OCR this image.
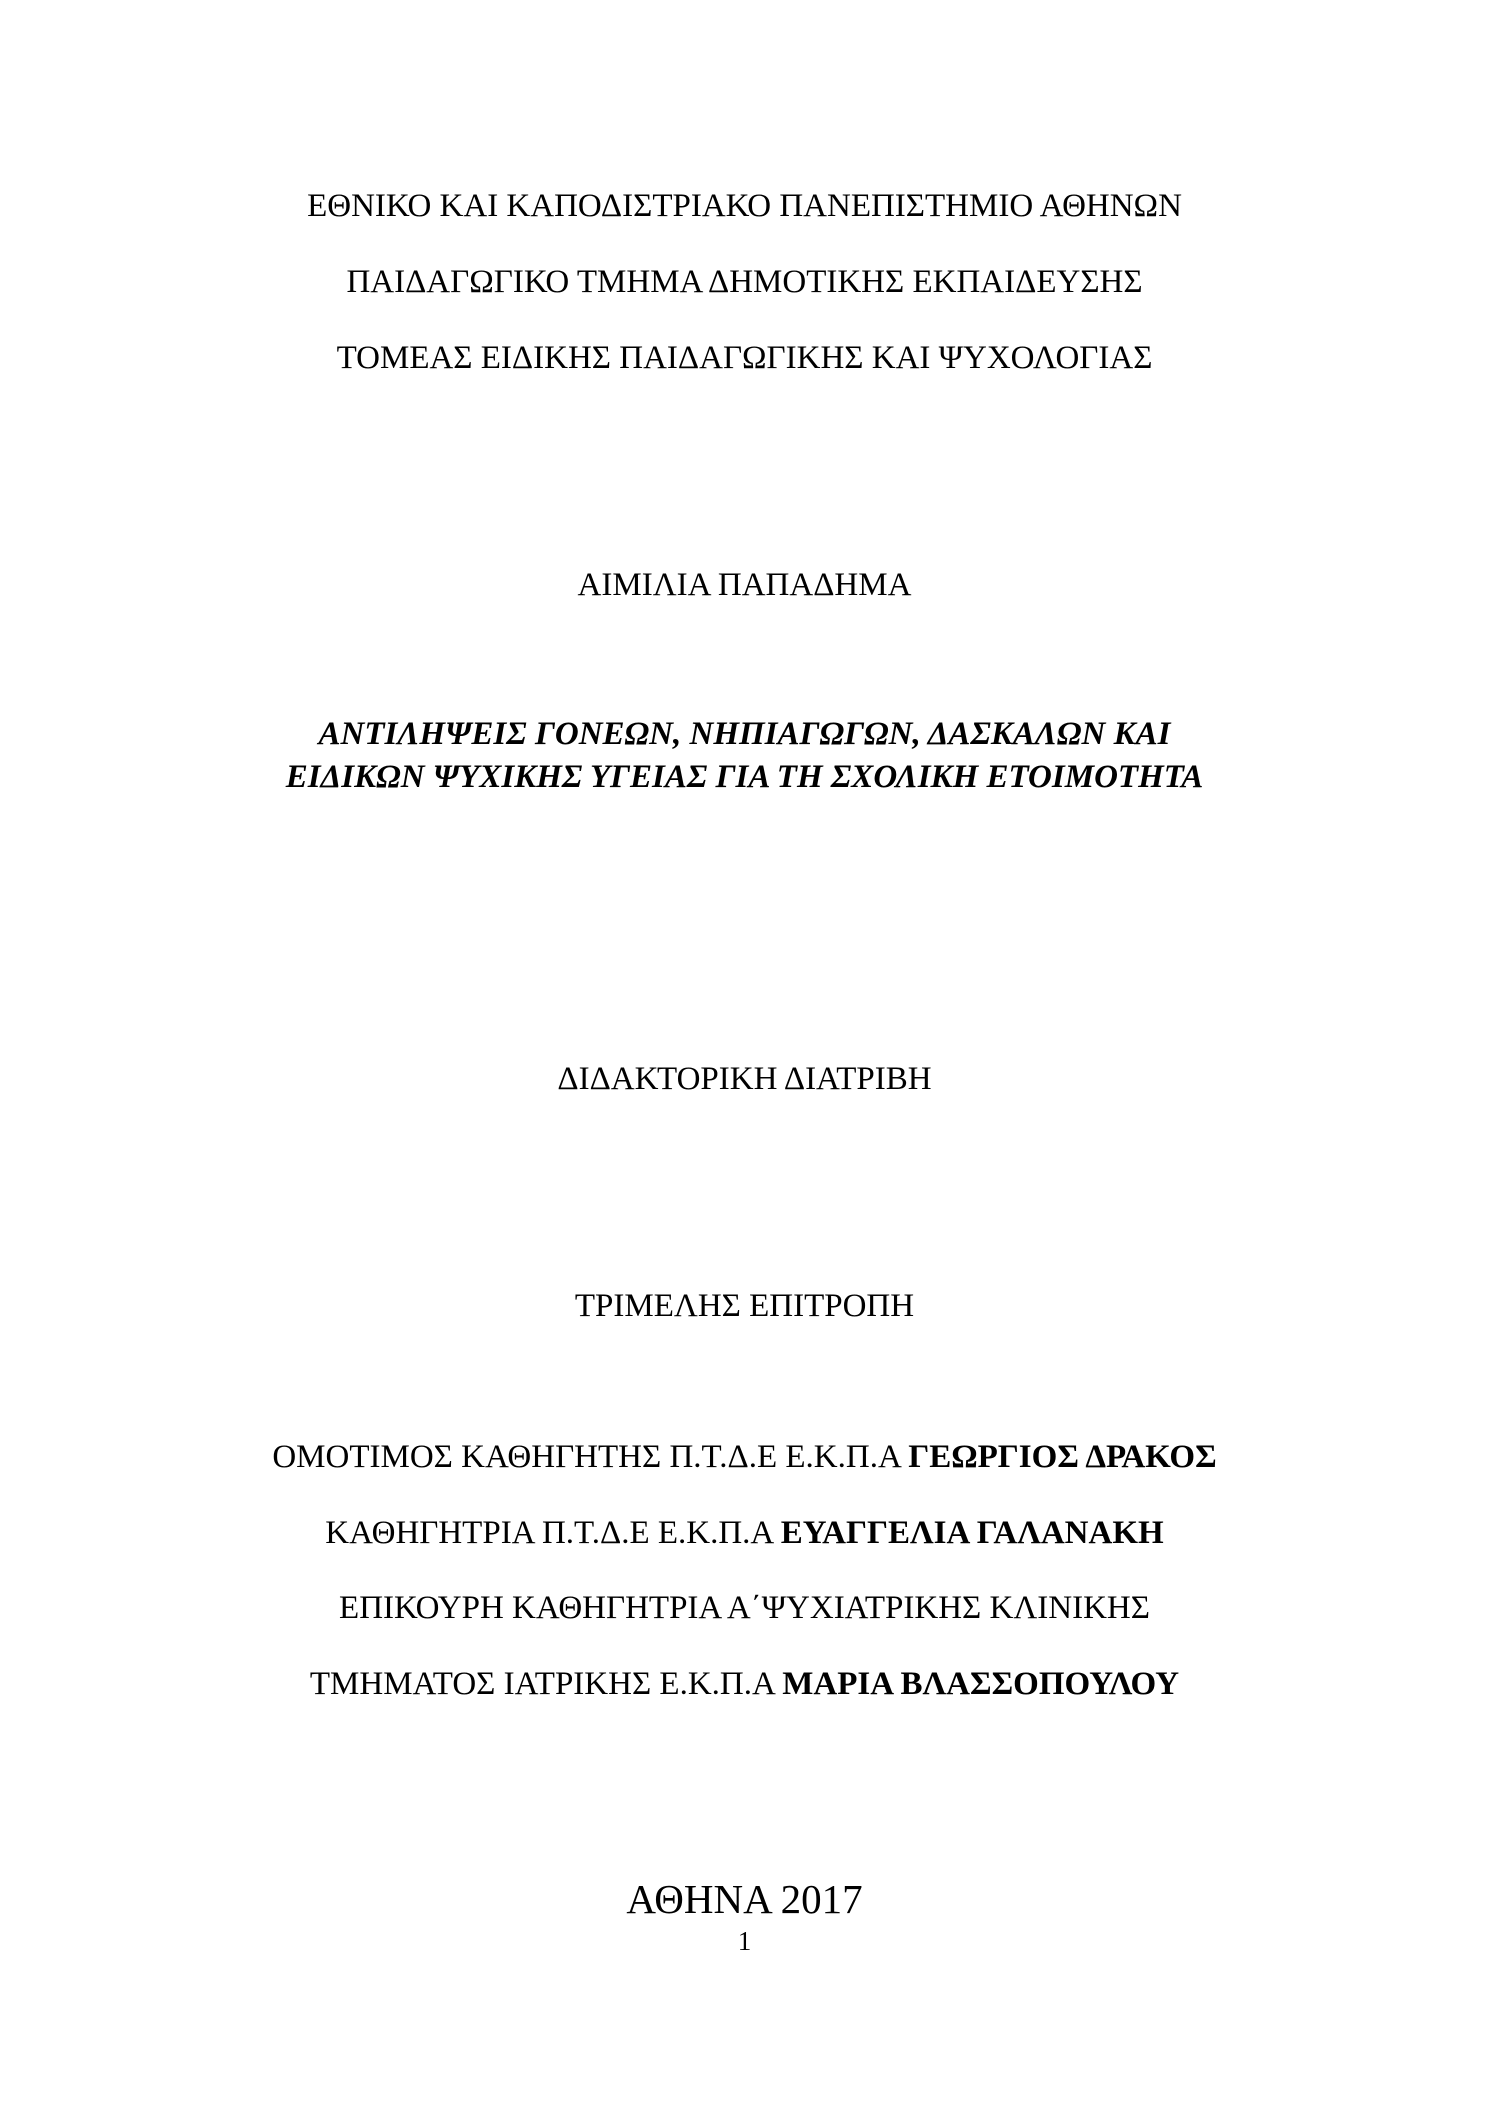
ΕΘΝΙΚΟ ΚΑΙ ΚΑΠΟΔΙΣΤΡΙΑΚΟ ΠΑΝΕΠΙΣΤΗΜΙΟ ΑΘΗΝΩΝ
ΠΑΙΔΑΓΩΓΙΚΟ ΤΜΗΜΑ ΔΗΜΟΤΙΚΗΣ ΕΚΠΑΙΔΕΥΣΗΣ
ΤΟΜΕΑΣ ΕΙΔΙΚΗΣ ΠΑΙΔΑΓΩΓΙΚΗΣ ΚΑΙ ΨΥΧΟΛΟΓΙΑΣ
ΑΙΜΙΛΙΑ ΠΑΠΑΔΗΜΑ
ΑΝΤΙΛΗΨΕΙΣ ΓΟΝΕΩΝ, ΝΗΠΙΑΓΩΓΩΝ, ΔΑΣΚΑΛΩΝ ΚΑΙ
ΕΙΔΙΚΩΝ ΨΥΧΙΚΗΣ ΥΓΕΙΑΣ ΓΙΑ ΤΗ ΣΧΟΛΙΚΗ ΕΤΟΙΜΟΤΗΤΑ
ΔΙΔΑΚΤΟΡΙΚΗ ΔΙΑΤΡΙΒΗ
ΤΡΙΜΕΛΗΣ ΕΠΙΤΡΟΠΗ
ΟΜΟΤΙΜΟΣ ΚΑΘΗΓΗΤΗΣ Π.Τ.Δ.Ε Ε.Κ.Π.Α ΓΕΩΡΓΙΟΣ ΔΡΑΚΟΣ
ΚΑΘΗΓΗΤΡΙΑ Π.Τ.Δ.Ε Ε.Κ.Π.Α ΕΥΑΓΓΕΛΙΑ ΓΑΛΑΝΑΚΗ
ΕΠΙΚΟΥΡΗ ΚΑΘΗΓΗΤΡΙΑ Α΄ΨΥΧΙΑΤΡΙΚΗΣ ΚΛΙΝΙΚΗΣ
ΤΜΗΜΑΤΟΣ ΙΑΤΡΙΚΗΣ Ε.Κ.Π.Α ΜΑΡΙΑ ΒΛΑΣΣΟΠΟΥΛΟΥ
ΑΘΗΝΑ 2017
1
